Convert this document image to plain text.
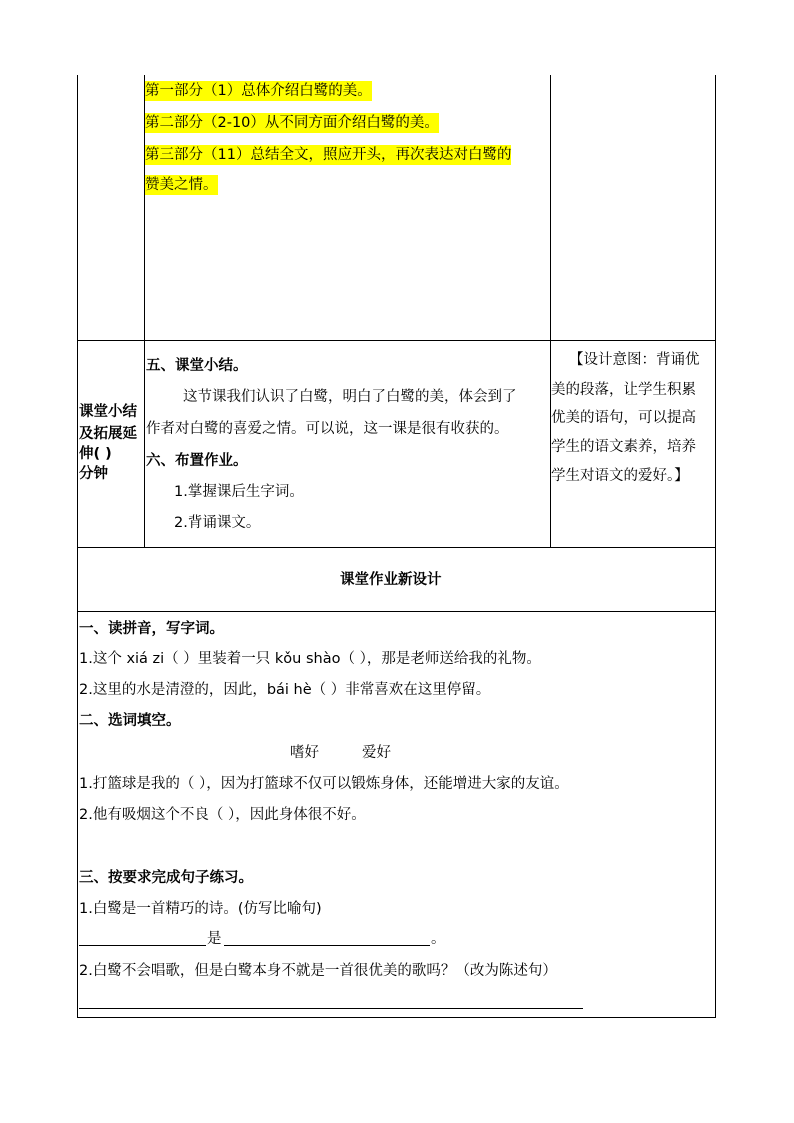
第一部分（1）总体介绍白鹭的美。
第二部分（2-10）从不同方面介绍白鹭的美。
第三部分（11）总结全文，照应开头，再次表达对白鹭的
赞美之情。
课堂小结
及拓展延
伸( )
分钟
五、课堂小结。
这节课我们认识了白鹭，明白了白鹭的美，体会到了
作者对白鹭的喜爱之情。可以说，这一课是很有收获的。
六、布置作业。
1.掌握课后生字词。
2.背诵课文。
【设计意图：背诵优
美的段落，让学生积累
优美的语句，可以提高
学生的语文素养，培养
学生对语文的爱好。】
课堂作业新设计
一、读拼音，写字词。
1.这个 xiá zi（ ）里装着一只 kǒu shào（ ），那是老师送给我的礼物。
2.这里的水是清澄的，因此，bái hè（ ）非常喜欢在这里停留。
二、选词填空。
嗜好	爱好
1.打篮球是我的（ ），因为打篮球不仅可以锻炼身体，还能增进大家的友谊。
2.他有吸烟这个不良（ ），因此身体很不好。
三、按要求完成句子练习。
1.白鹭是一首精巧的诗。(仿写比喻句)
是	。
2.白鹭不会唱歌，但是白鹭本身不就是一首很优美的歌吗？（改为陈述句）
